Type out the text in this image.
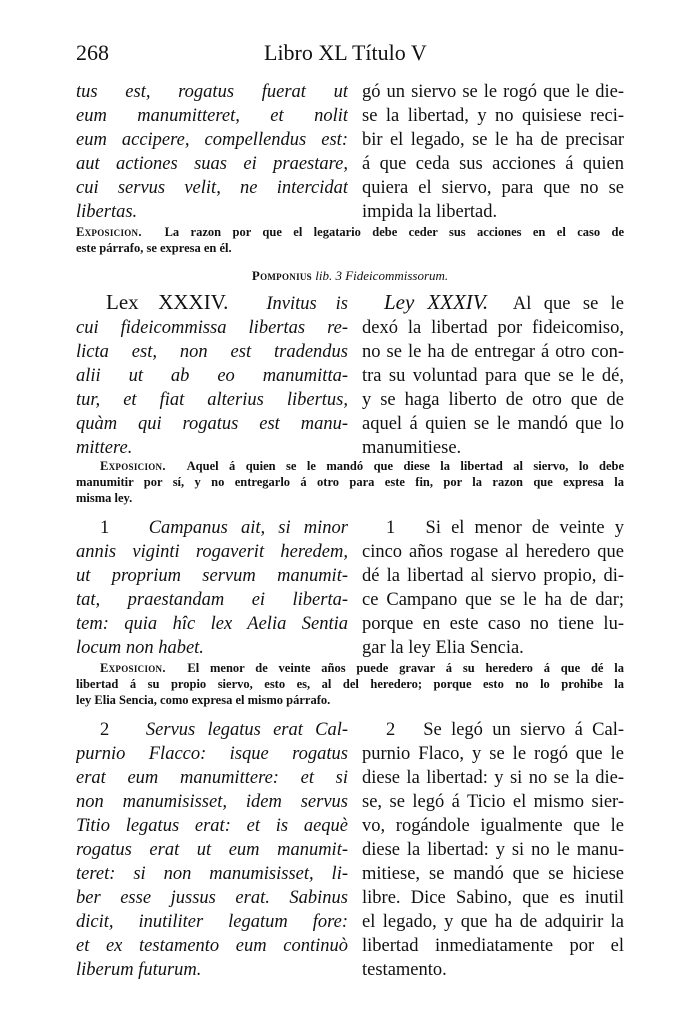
268	Libro XL Título V
tus est, rogatus fuerat ut
eum manumitteret, et nolit
eum accipere, compellendus est:
aut actiones suas ei praestare,
cui servus velit, ne intercidat
libertas.
gó un siervo se le rogó que le die-
se la libertad, y no quisiese reci-
bir el legado, se le ha de precisar
á que ceda sus acciones á quien
quiera el siervo, para que no se
impida la libertad.
Exposicion. La razon por que el legatario debe ceder sus acciones en el caso de
este párrafo, se expresa en él.
Pomponius lib. 3 Fideicommissorum.
Lex XXXIV. Invitus is
cui fideicommissa libertas re-
licta est, non est tradendus
alii ut ab eo manumitta-
tur, et fiat alterius libertus,
quàm qui rogatus est manu-
mittere.
Ley XXXIV. Al que se le
dexó la libertad por fideicomiso,
no se le ha de entregar á otro con-
tra su voluntad para que se le dé,
y se haga liberto de otro que de
aquel á quien se le mandó que lo
manumitiese.
Exposicion. Aquel á quien se le mandó que diese la libertad al siervo, lo debe
manumitir por sí, y no entregarlo á otro para este fin, por la razon que expresa la
misma ley.
1 Campanus ait, si minor
annis viginti rogaverit heredem,
ut proprium servum manumit-
tat, praestandam ei liberta-
tem: quia hîc lex Aelia Sentia
locum non habet.
1 Si el menor de veinte y
cinco años rogase al heredero que
dé la libertad al siervo propio, di-
ce Campano que se le ha de dar;
porque en este caso no tiene lu-
gar la ley Elia Sencia.
Exposicion. El menor de veinte años puede gravar á su heredero á que dé la
libertad á su propio siervo, esto es, al del heredero; porque esto no lo prohibe la
ley Elia Sencia, como expresa el mismo párrafo.
2 Servus legatus erat Cal-
purnio Flacco: isque rogatus
erat eum manumittere: et si
non manumisisset, idem servus
Titio legatus erat: et is aequè
rogatus erat ut eum manumit-
teret: si non manumisisset, li-
ber esse jussus erat. Sabinus
dicit, inutiliter legatum fore:
et ex testamento eum continuò
liberum futurum.
2 Se legó un siervo á Cal-
purnio Flaco, y se le rogó que le
diese la libertad: y si no se la die-
se, se legó á Ticio el mismo sier-
vo, rogándole igualmente que le
diese la libertad: y si no le manu-
mitiese, se mandó que se hiciese
libre. Dice Sabino, que es inutil
el legado, y que ha de adquirir la
libertad inmediatamente por el
testamento.
